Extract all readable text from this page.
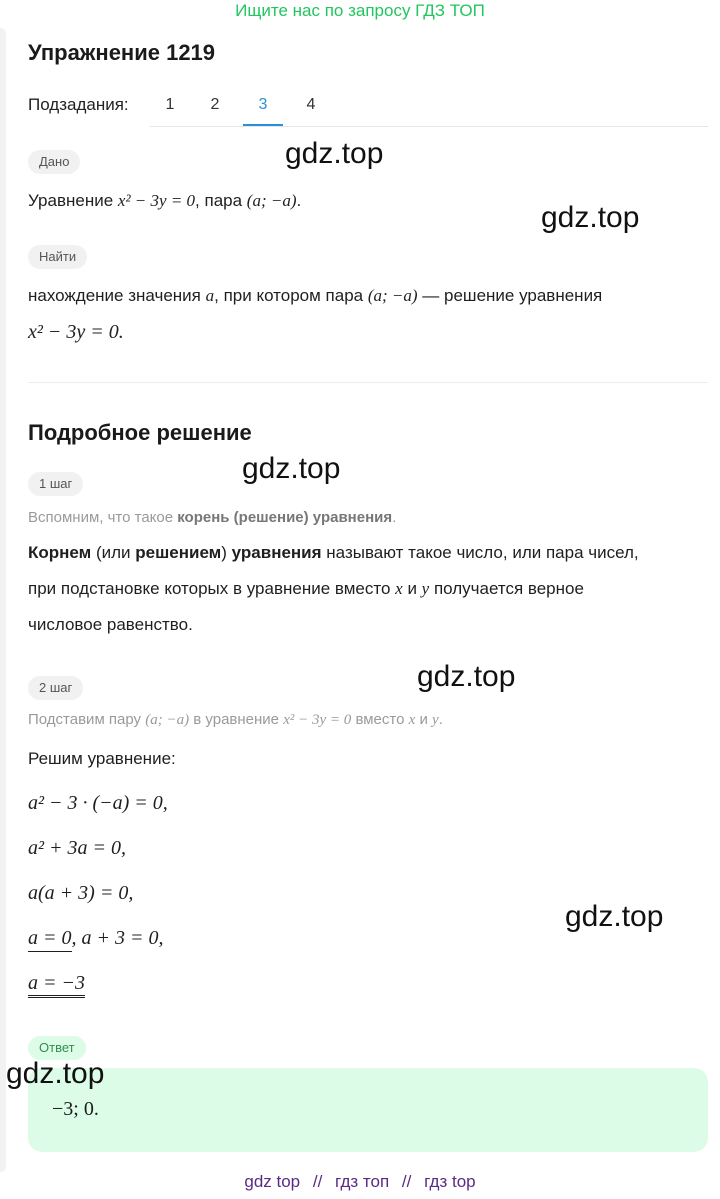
Ищите нас по запросу ГДЗ ТОП
Упражнение 1219
Подзадания:	1	2	3	4
Дано
Уравнение x² − 3y = 0, пара (a; −a).
Найти
нахождение значения a, при котором пара (a; −a) — решение уравнения
x² − 3y = 0.
Подробное решение
1 шаг
Вспомним, что такое корень (решение) уравнения.
Корнем (или решением) уравнения называют такое число, или пара чисел,
при подстановке которых в уравнение вместо x и y получается верное
числовое равенство.
2 шаг
Подставим пару (a; −a) в уравнение x² − 3y = 0 вместо x и y.
Решим уравнение:
a² − 3 · (−a) = 0,
a² + 3a = 0,
a(a + 3) = 0,
a = 0, a + 3 = 0,
a = −3
Ответ
−3; 0.
gdz.top
gdz.top
gdz.top
gdz.top
gdz.top
gdz.top
gdz top // гдз топ // гдз top
